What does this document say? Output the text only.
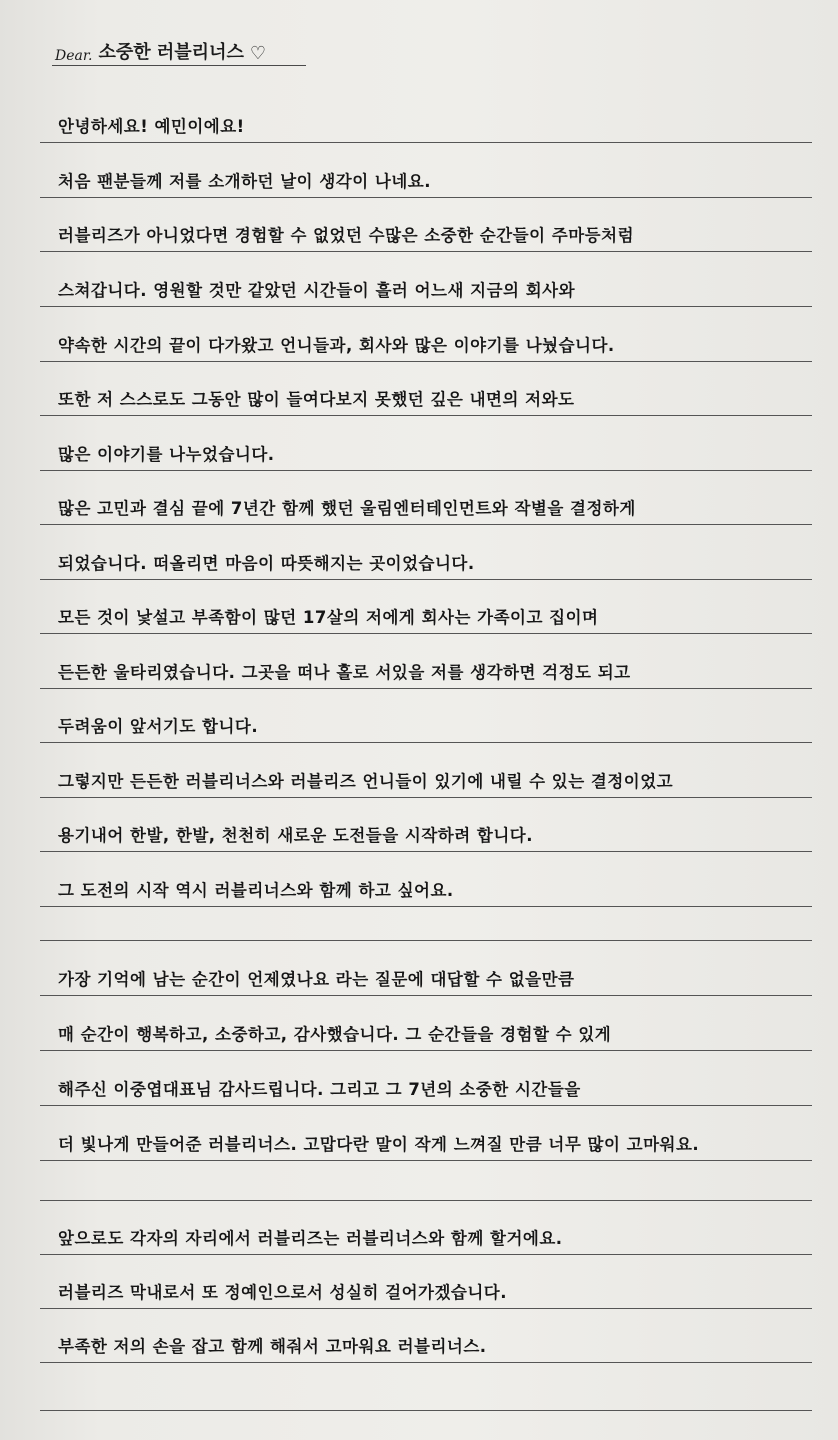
Dear. 소중한 러블리너스 ♡
안녕하세요! 예민이에요!
처음 팬분들께 저를 소개하던 날이 생각이 나네요.
러블리즈가 아니었다면 경험할 수 없었던 수많은 소중한 순간들이 주마등처럼
스쳐갑니다. 영원할 것만 같았던 시간들이 흘러 어느새 지금의 회사와
약속한 시간의 끝이 다가왔고 언니들과, 회사와 많은 이야기를 나눴습니다.
또한 저 스스로도 그동안 많이 들여다보지 못했던 깊은 내면의 저와도
많은 이야기를 나누었습니다.
많은 고민과 결심 끝에 7년간 함께 했던 울림엔터테인먼트와 작별을 결정하게
되었습니다. 떠올리면 마음이 따뜻해지는 곳이었습니다.
모든 것이 낯설고 부족함이 많던 17살의 저에게 회사는 가족이고 집이며
든든한 울타리였습니다. 그곳을 떠나 홀로 서있을 저를 생각하면 걱정도 되고
두려움이 앞서기도 합니다.
그렇지만 든든한 러블리너스와 러블리즈 언니들이 있기에 내릴 수 있는 결정이었고
용기내어 한발, 한발, 천천히 새로운 도전들을 시작하려 합니다.
그 도전의 시작 역시 러블리너스와 함께 하고 싶어요.
가장 기억에 남는 순간이 언제였나요 라는 질문에 대답할 수 없을만큼
매 순간이 행복하고, 소중하고, 감사했습니다. 그 순간들을 경험할 수 있게
해주신 이중엽대표님 감사드립니다. 그리고 그 7년의 소중한 시간들을
더 빛나게 만들어준 러블리너스. 고맙다란 말이 작게 느껴질 만큼 너무 많이 고마워요.
앞으로도 각자의 자리에서 러블리즈는 러블리너스와 함께 할거에요.
러블리즈 막내로서 또 정예인으로서 성실히 걸어가겠습니다.
부족한 저의 손을 잡고 함께 해줘서 고마워요 러블리너스.
